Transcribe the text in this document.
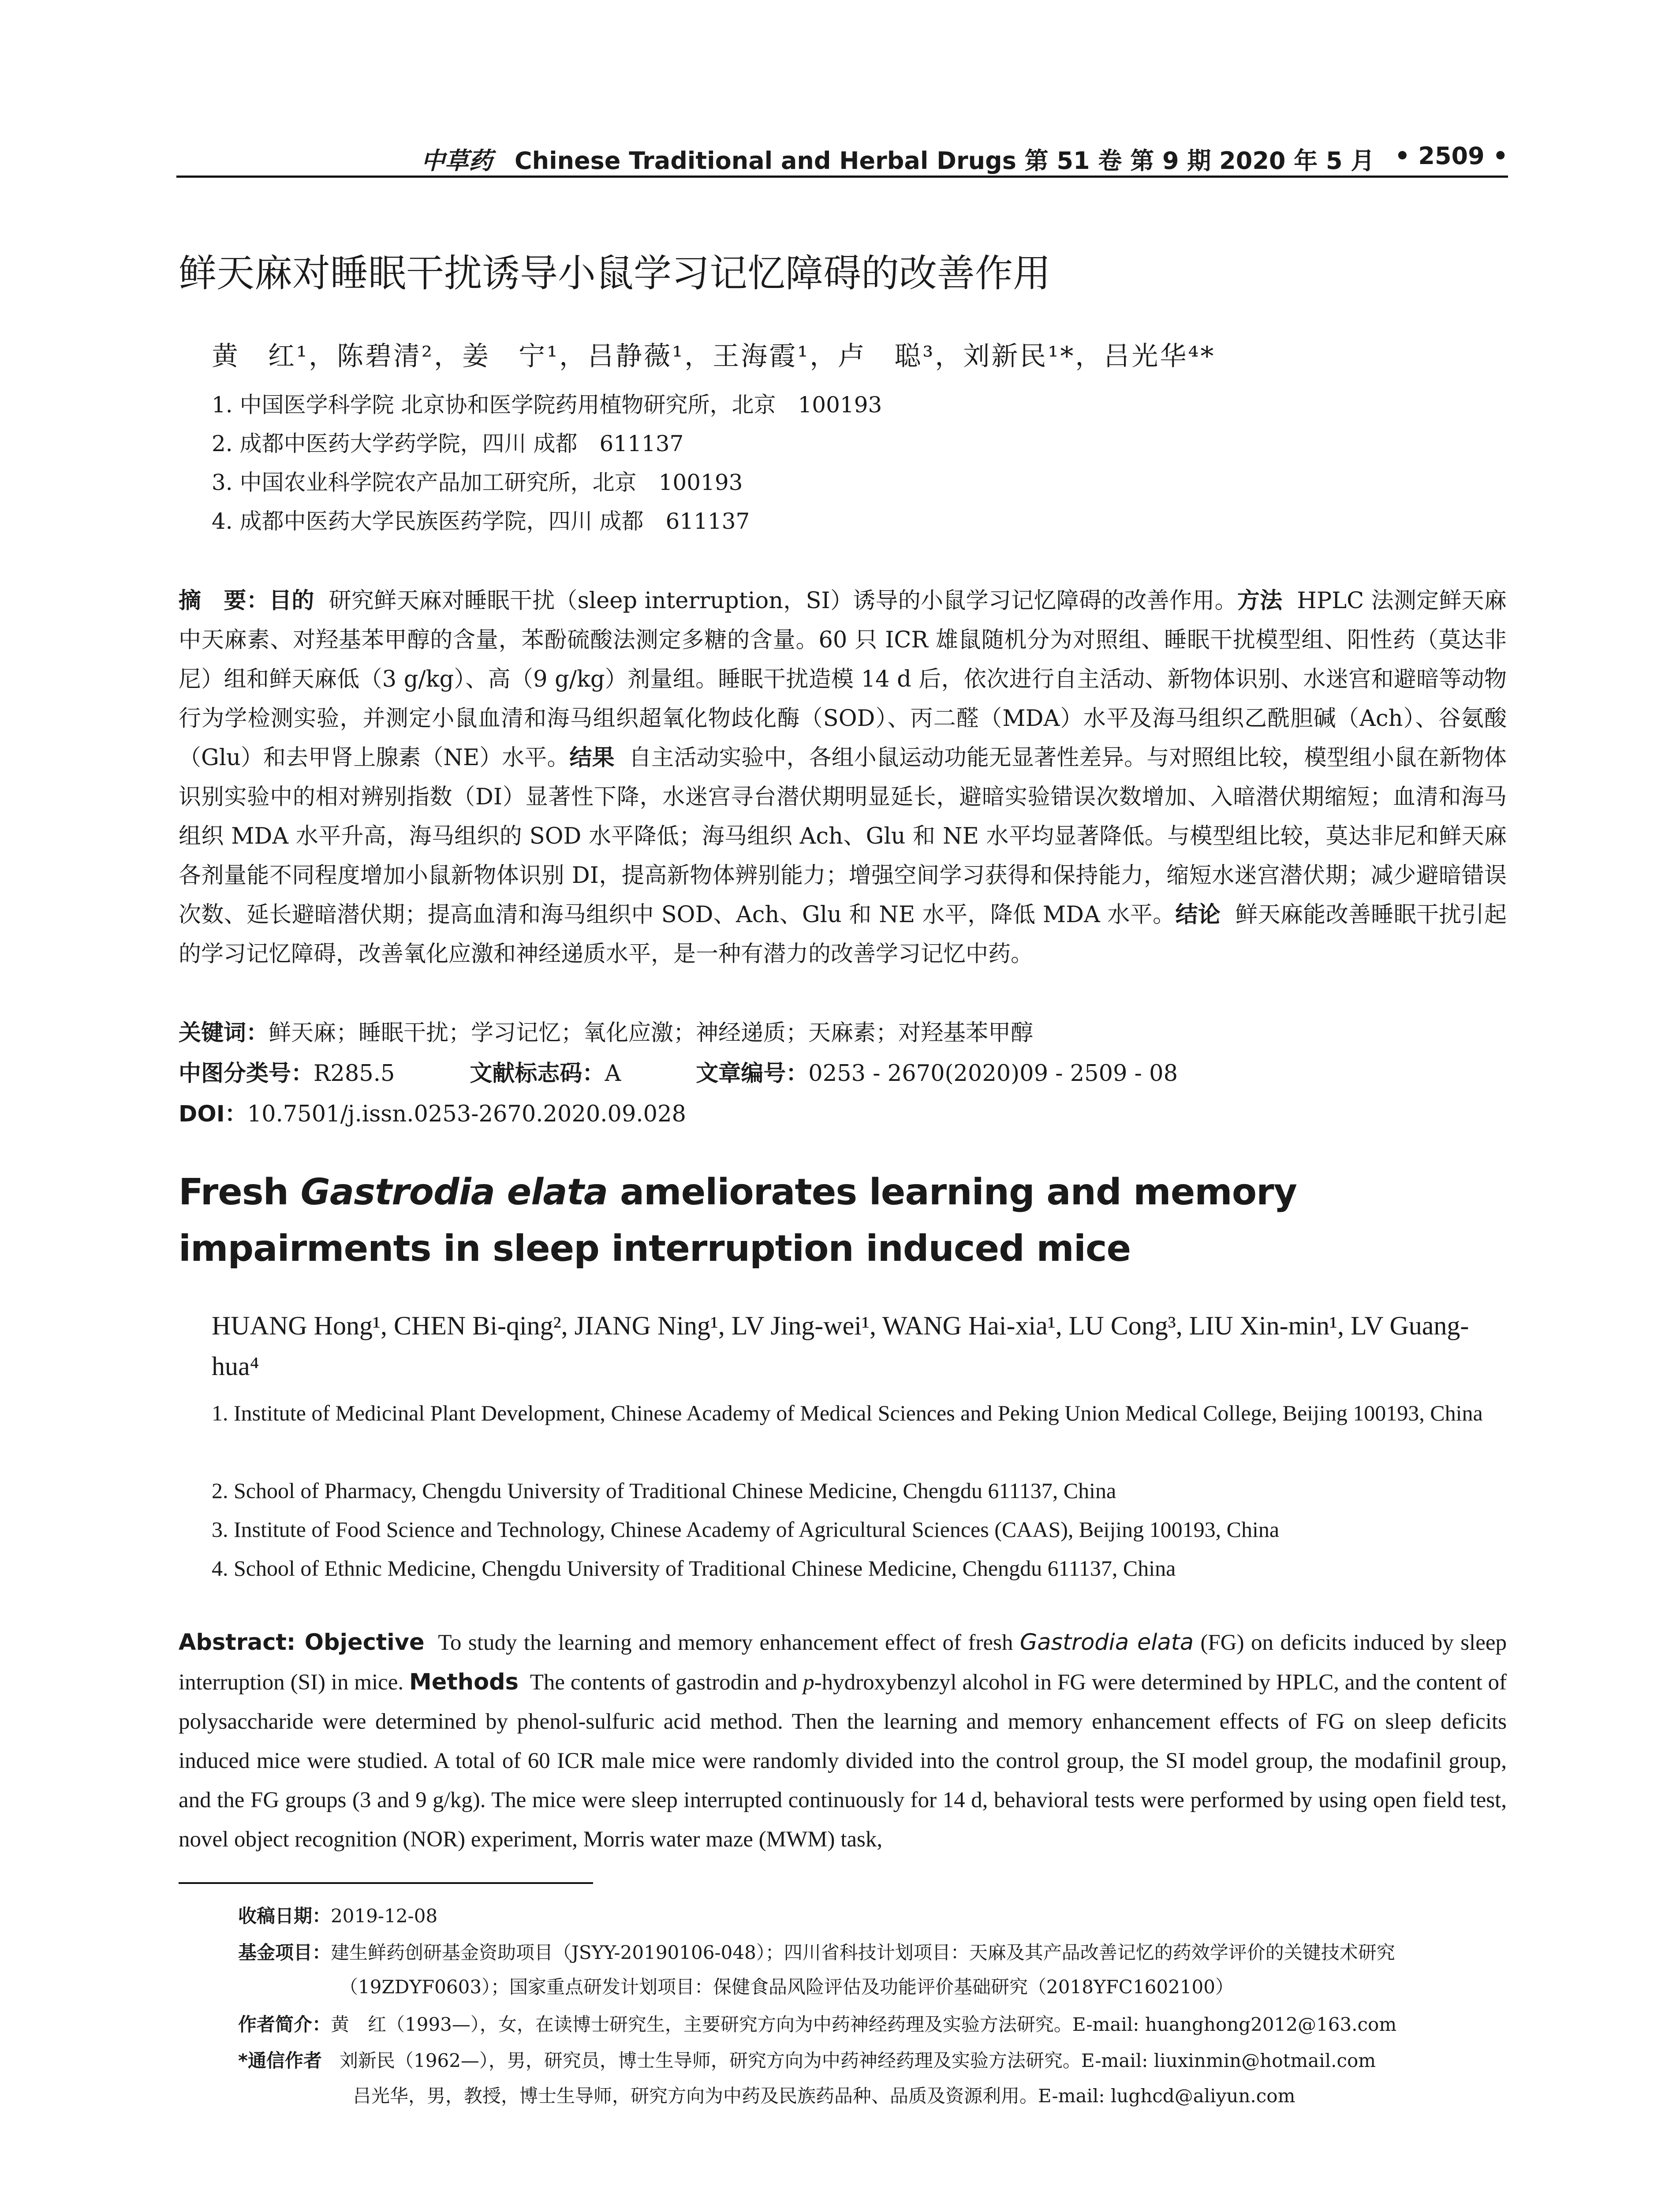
中草药 Chinese Traditional and Herbal Drugs 第 51 卷 第 9 期 2020 年 5 月 • 2509 •
鲜天麻对睡眠干扰诱导小鼠学习记忆障碍的改善作用
黄　红¹，陈碧清²，姜　宁¹，吕静薇¹，王海霞¹，卢　聪³，刘新民¹*，吕光华⁴*
1. 中国医学科学院 北京协和医学院药用植物研究所，北京　100193
2. 成都中医药大学药学院，四川 成都　611137
3. 中国农业科学院农产品加工研究所，北京　100193
4. 成都中医药大学民族医药学院，四川 成都　611137
摘　要：目的 研究鲜天麻对睡眠干扰（sleep interruption，SI）诱导的小鼠学习记忆障碍的改善作用。方法 HPLC 法测定鲜天麻中天麻素、对羟基苯甲醇的含量，苯酚硫酸法测定多糖的含量。60 只 ICR 雄鼠随机分为对照组、睡眠干扰模型组、阳性药（莫达非尼）组和鲜天麻低（3 g/kg）、高（9 g/kg）剂量组。睡眠干扰造模 14 d 后，依次进行自主活动、新物体识别、水迷宫和避暗等动物行为学检测实验，并测定小鼠血清和海马组织超氧化物歧化酶（SOD）、丙二醛（MDA）水平及海马组织乙酰胆碱（Ach）、谷氨酸（Glu）和去甲肾上腺素（NE）水平。结果 自主活动实验中，各组小鼠运动功能无显著性差异。与对照组比较，模型组小鼠在新物体识别实验中的相对辨别指数（DI）显著性下降，水迷宫寻台潜伏期明显延长，避暗实验错误次数增加、入暗潜伏期缩短；血清和海马组织 MDA 水平升高，海马组织的 SOD 水平降低；海马组织 Ach、Glu 和 NE 水平均显著降低。与模型组比较，莫达非尼和鲜天麻各剂量能不同程度增加小鼠新物体识别 DI，提高新物体辨别能力；增强空间学习获得和保持能力，缩短水迷宫潜伏期；减少避暗错误次数、延长避暗潜伏期；提高血清和海马组织中 SOD、Ach、Glu 和 NE 水平，降低 MDA 水平。结论 鲜天麻能改善睡眠干扰引起的学习记忆障碍，改善氧化应激和神经递质水平，是一种有潜力的改善学习记忆中药。
关键词：鲜天麻；睡眠干扰；学习记忆；氧化应激；神经递质；天麻素；对羟基苯甲醇
中图分类号：R285.5	文献标志码：A	文章编号：0253 - 2670(2020)09 - 2509 - 08
DOI：10.7501/j.issn.0253-2670.2020.09.028
Fresh Gastrodia elata ameliorates learning and memory impairments in sleep interruption induced mice
HUANG Hong¹, CHEN Bi-qing², JIANG Ning¹, LV Jing-wei¹, WANG Hai-xia¹, LU Cong³, LIU Xin-min¹, LV Guang-hua⁴
1. Institute of Medicinal Plant Development, Chinese Academy of Medical Sciences and Peking Union Medical College, Beijing 100193, China
2. School of Pharmacy, Chengdu University of Traditional Chinese Medicine, Chengdu 611137, China
3. Institute of Food Science and Technology, Chinese Academy of Agricultural Sciences (CAAS), Beijing 100193, China
4. School of Ethnic Medicine, Chengdu University of Traditional Chinese Medicine, Chengdu 611137, China
Abstract: Objective To study the learning and memory enhancement effect of fresh Gastrodia elata (FG) on deficits induced by sleep interruption (SI) in mice. Methods The contents of gastrodin and p-hydroxybenzyl alcohol in FG were determined by HPLC, and the content of polysaccharide were determined by phenol-sulfuric acid method. Then the learning and memory enhancement effects of FG on sleep deficits induced mice were studied. A total of 60 ICR male mice were randomly divided into the control group, the SI model group, the modafinil group, and the FG groups (3 and 9 g/kg). The mice were sleep interrupted continuously for 14 d, behavioral tests were performed by using open field test, novel object recognition (NOR) experiment, Morris water maze (MWM) task,
收稿日期：2019-12-08
基金项目：建生鲜药创研基金资助项目（JSYY-20190106-048）；四川省科技计划项目：天麻及其产品改善记忆的药效学评价的关键技术研究
（19ZDYF0603）；国家重点研发计划项目：保健食品风险评估及功能评价基础研究（2018YFC1602100）
作者简介：黄　红（1993—），女，在读博士研究生，主要研究方向为中药神经药理及实验方法研究。E-mail: huanghong2012@163.com
*通信作者 刘新民（1962—），男，研究员，博士生导师，研究方向为中药神经药理及实验方法研究。E-mail: liuxinmin@hotmail.com
吕光华，男，教授，博士生导师，研究方向为中药及民族药品种、品质及资源利用。E-mail: lughcd@aliyun.com
